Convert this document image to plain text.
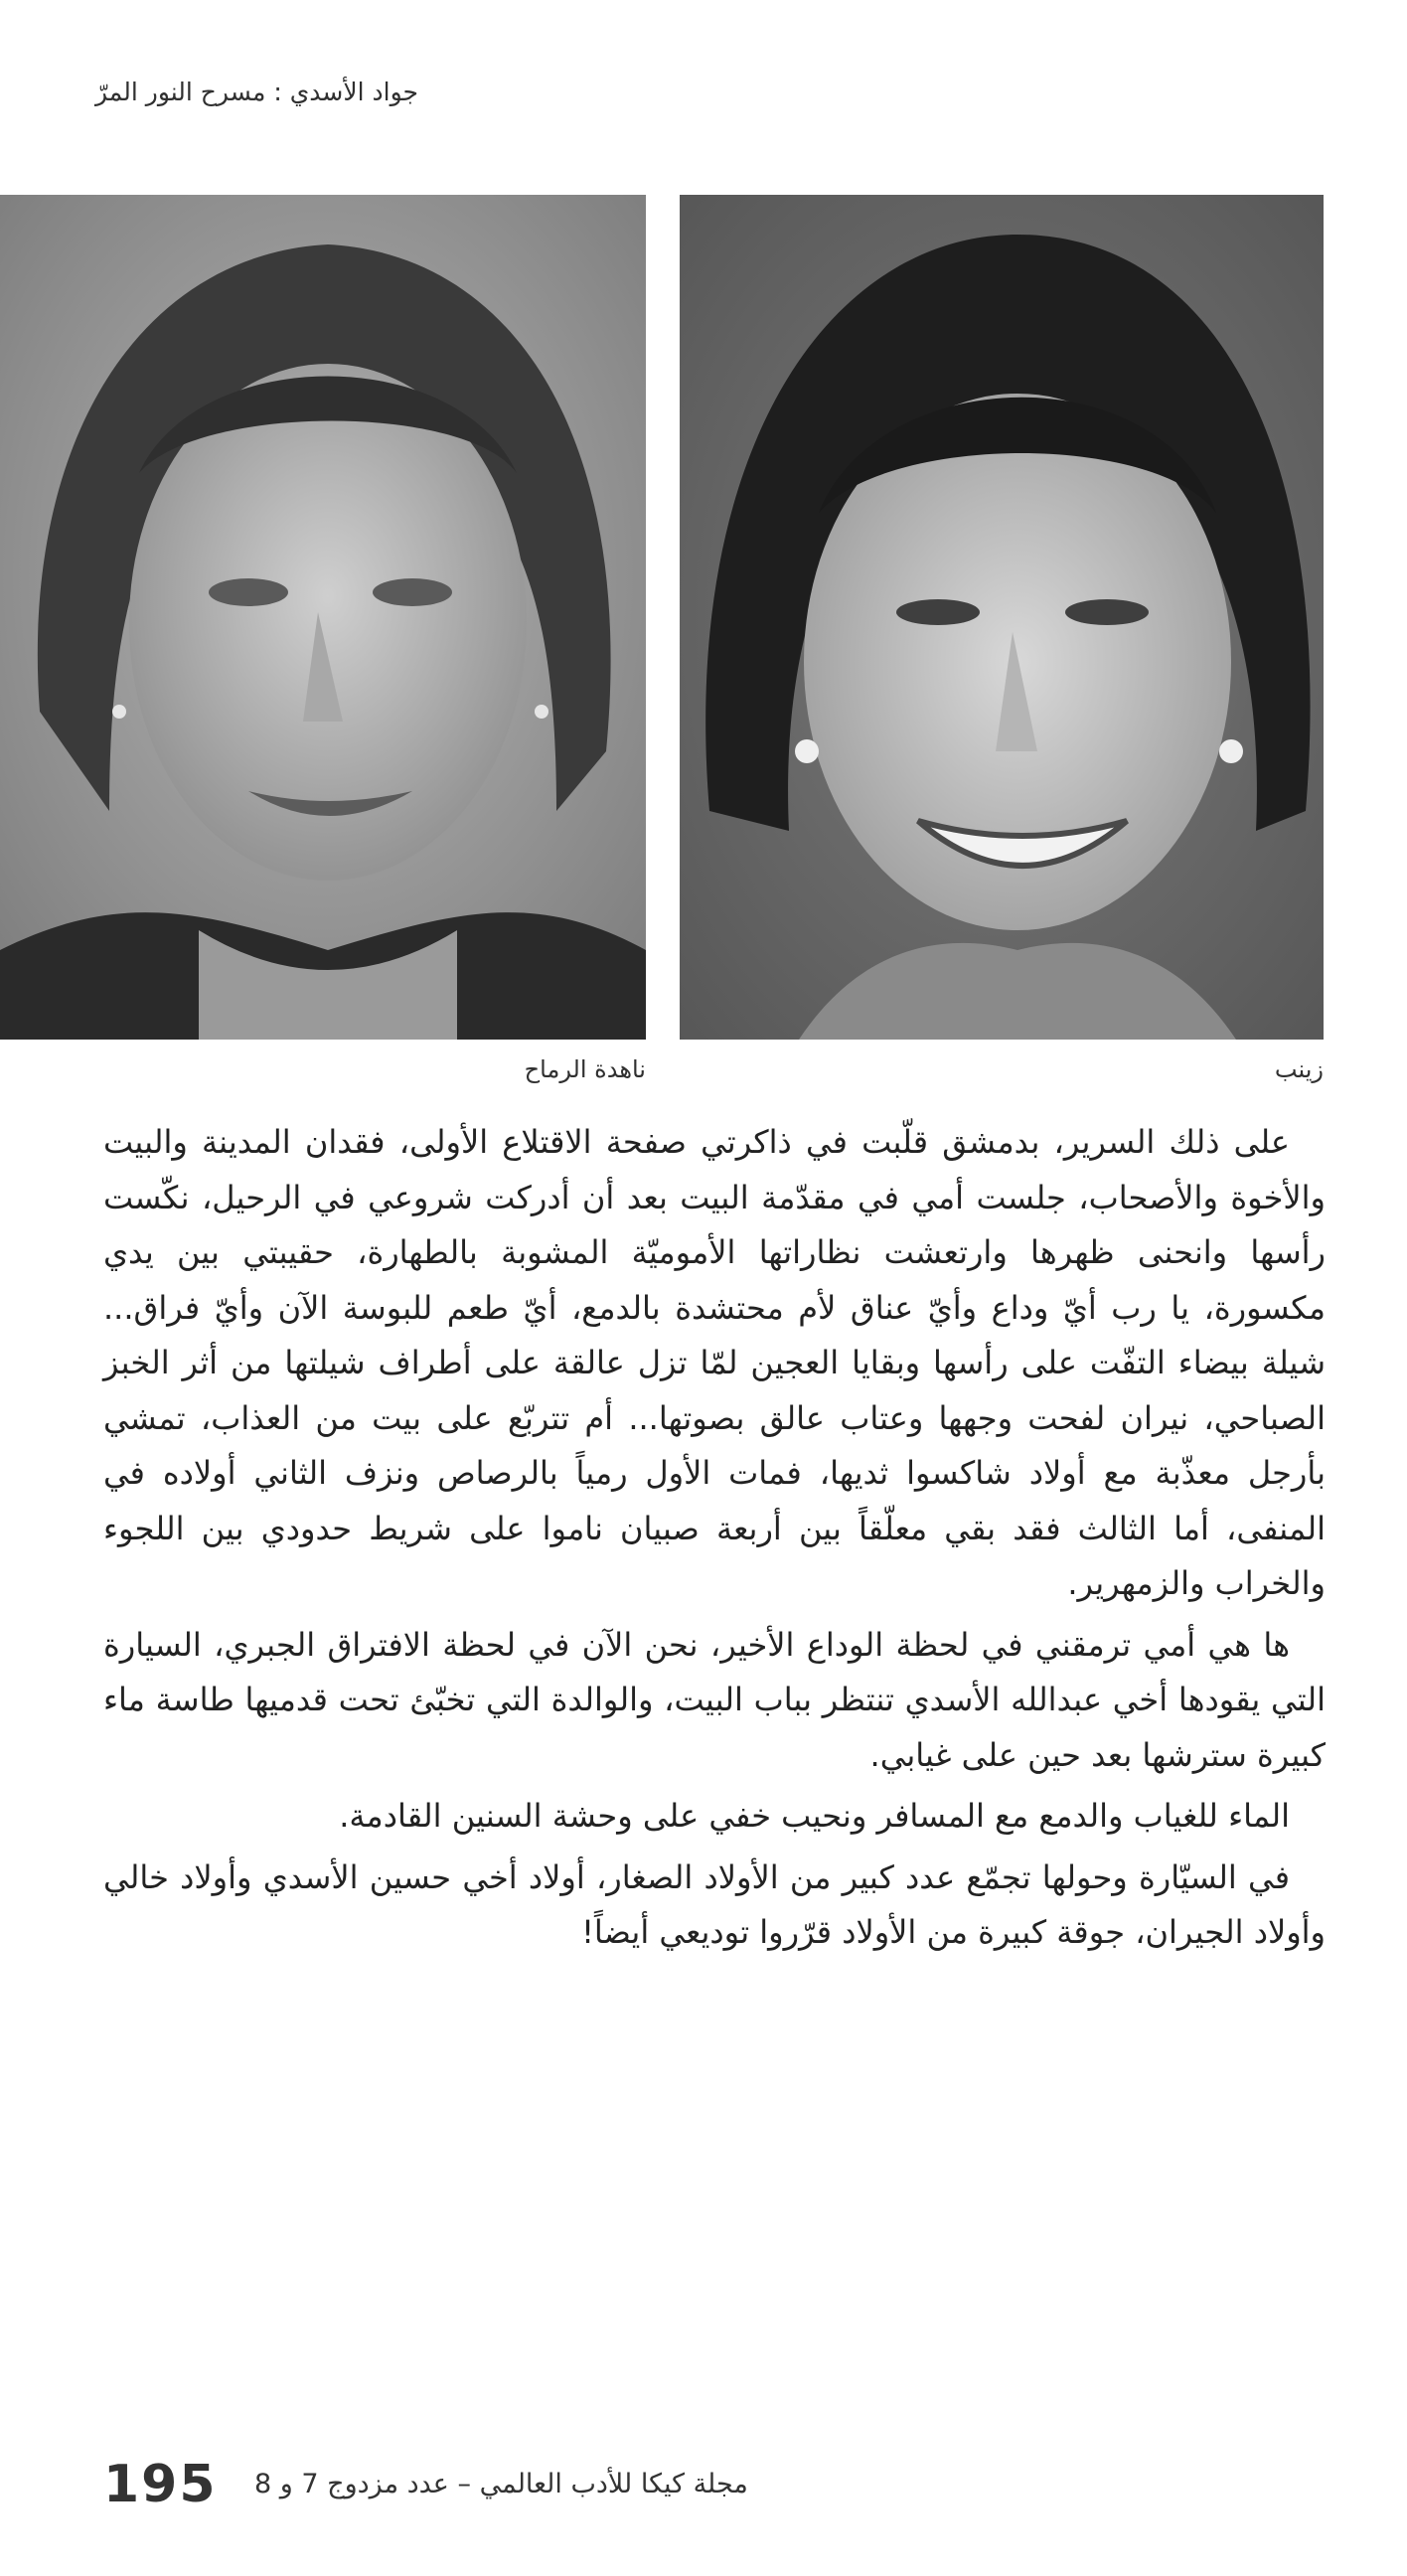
جواد الأسدي : مسرح النور المرّ
ناهدة الرماح	زينب

على ذلك السرير، بدمشق قلّبت في ذاكرتي صفحة الاقتلاع الأولى، فقدان المدينة والبيت والأخوة والأصحاب، جلست أمي في مقدّمة البيت بعد أن أدركت شروعي في الرحيل، نكّست رأسها وانحنى ظهرها وارتعشت نظاراتها الأموميّة المشوبة بالطهارة، حقيبتي بين يدي مكسورة، يا رب أيّ وداع وأيّ عناق لأم محتشدة بالدمع، أيّ طعم للبوسة الآن وأيّ فراق... شيلة بيضاء التفّت على رأسها وبقايا العجين لمّا تزل عالقة على أطراف شيلتها من أثر الخبز الصباحي، نيران لفحت وجهها وعتاب عالق بصوتها... أم تتربّع على بيت من العذاب، تمشي بأرجل معذّبة مع أولاد شاكسوا ثديها، فمات الأول رمياً بالرصاص ونزف الثاني أولاده في المنفى، أما الثالث فقد بقي معلّقاً بين أربعة صبيان ناموا على شريط حدودي بين اللجوء والخراب والزمهرير.

ها هي أمي ترمقني في لحظة الوداع الأخير، نحن الآن في لحظة الافتراق الجبري، السيارة التي يقودها أخي عبدالله الأسدي تنتظر بباب البيت، والوالدة التي تخبّئ تحت قدميها طاسة ماء كبيرة سترشها بعد حين على غيابي.

الماء للغياب والدمع مع المسافر ونحيب خفي على وحشة السنين القادمة.

في السيّارة وحولها تجمّع عدد كبير من الأولاد الصغار، أولاد أخي حسين الأسدي وأولاد خالي وأولاد الجيران، جوقة كبيرة من الأولاد قرّروا توديعي أيضاً!

195 مجلة كيكا للأدب العالمي – عدد مزدوج 7 و 8
